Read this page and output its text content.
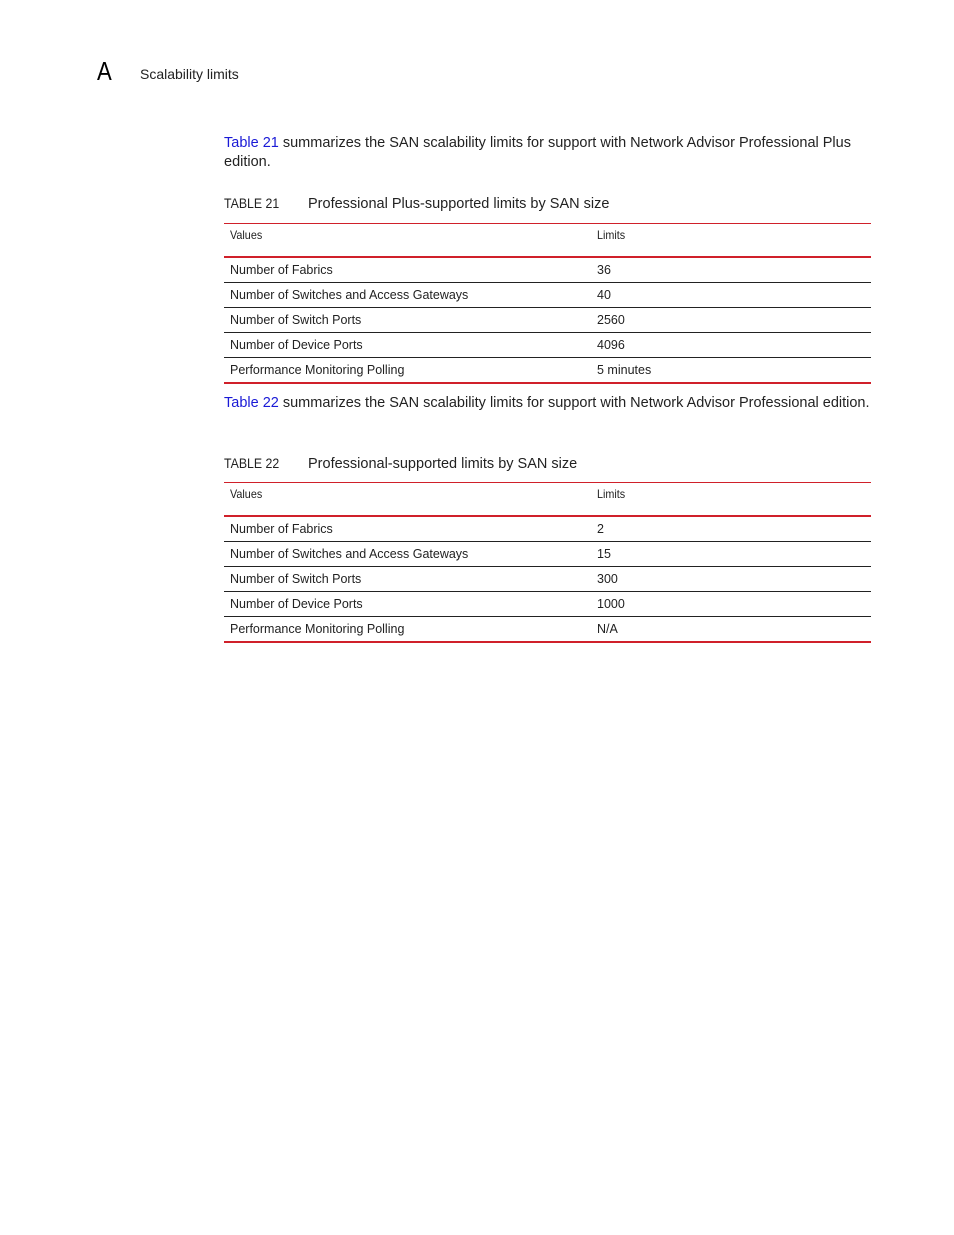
A Scalability limits
Table 21 summarizes the SAN scalability limits for support with Network Advisor Professional Plus edition.
TABLE 21 Professional Plus-supported limits by SAN size
Values	Limits
Number of Fabrics	36
Number of Switches and Access Gateways	40
Number of Switch Ports	2560
Number of Device Ports	4096
Performance Monitoring Polling	5 minutes
Table 22 summarizes the SAN scalability limits for support with Network Advisor Professional edition.
TABLE 22 Professional-supported limits by SAN size
Values	Limits
Number of Fabrics	2
Number of Switches and Access Gateways	15
Number of Switch Ports	300
Number of Device Ports	1000
Performance Monitoring Polling	N/A
